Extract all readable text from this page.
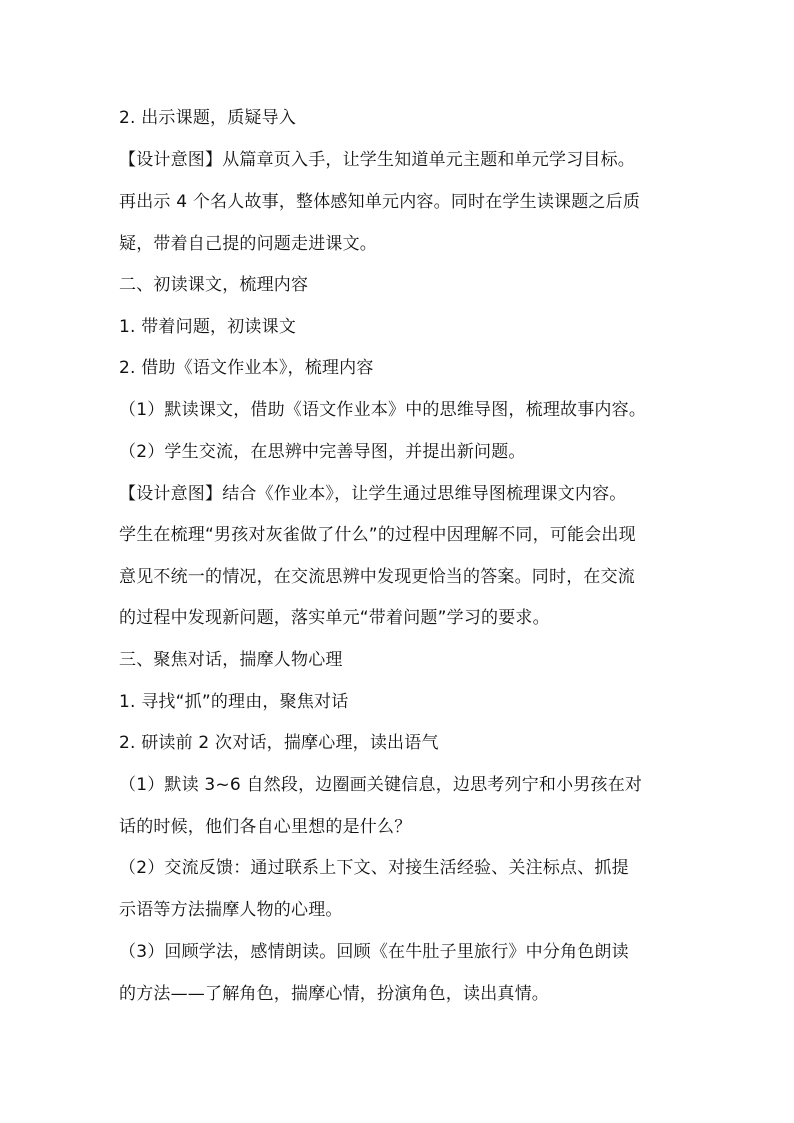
2. 出示课题，质疑导入
【设计意图】从篇章页入手，让学生知道单元主题和单元学习目标。
再出示 4 个名人故事，整体感知单元内容。同时在学生读课题之后质
疑，带着自己提的问题走进课文。
二、初读课文，梳理内容
1. 带着问题，初读课文
2. 借助《语文作业本》，梳理内容
（1）默读课文，借助《语文作业本》中的思维导图，梳理故事内容。
（2）学生交流，在思辨中完善导图，并提出新问题。
【设计意图】结合《作业本》，让学生通过思维导图梳理课文内容。
学生在梳理“男孩对灰雀做了什么”的过程中因理解不同，可能会出现
意见不统一的情况，在交流思辨中发现更恰当的答案。同时，在交流
的过程中发现新问题，落实单元“带着问题”学习的要求。
三、聚焦对话，揣摩人物心理
1. 寻找“抓”的理由，聚焦对话
2. 研读前 2 次对话，揣摩心理，读出语气
（1）默读 3~6 自然段，边圈画关键信息，边思考列宁和小男孩在对
话的时候，他们各自心里想的是什么？
（2）交流反馈：通过联系上下文、对接生活经验、关注标点、抓提
示语等方法揣摩人物的心理。
（3）回顾学法，感情朗读。回顾《在牛肚子里旅行》中分角色朗读
的方法——了解角色，揣摩心情，扮演角色，读出真情。
